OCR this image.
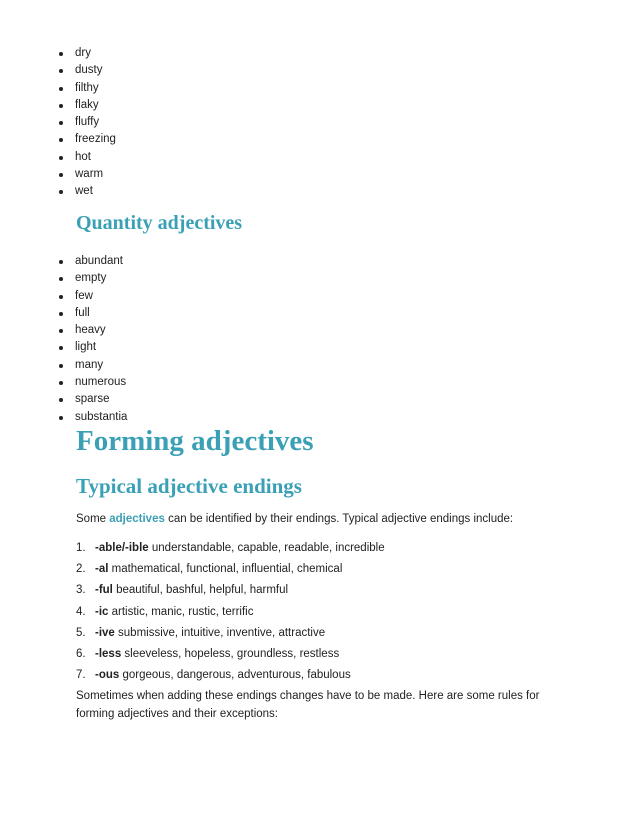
dry
dusty
filthy
flaky
fluffy
freezing
hot
warm
wet
Quantity adjectives
abundant
empty
few
full
heavy
light
many
numerous
sparse
substantia
Forming adjectives
Typical adjective endings

Some adjectives can be identified by their endings. Typical adjective endings include:

1. -able/-ible understandable, capable, readable, incredible
2. -al mathematical, functional, influential, chemical
3. -ful beautiful, bashful, helpful, harmful
4. -ic artistic, manic, rustic, terrific
5. -ive submissive, intuitive, inventive, attractive
6. -less sleeveless, hopeless, groundless, restless
7. -ous gorgeous, dangerous, adventurous, fabulous

Sometimes when adding these endings changes have to be made. Here are some rules for forming adjectives and their exceptions:
